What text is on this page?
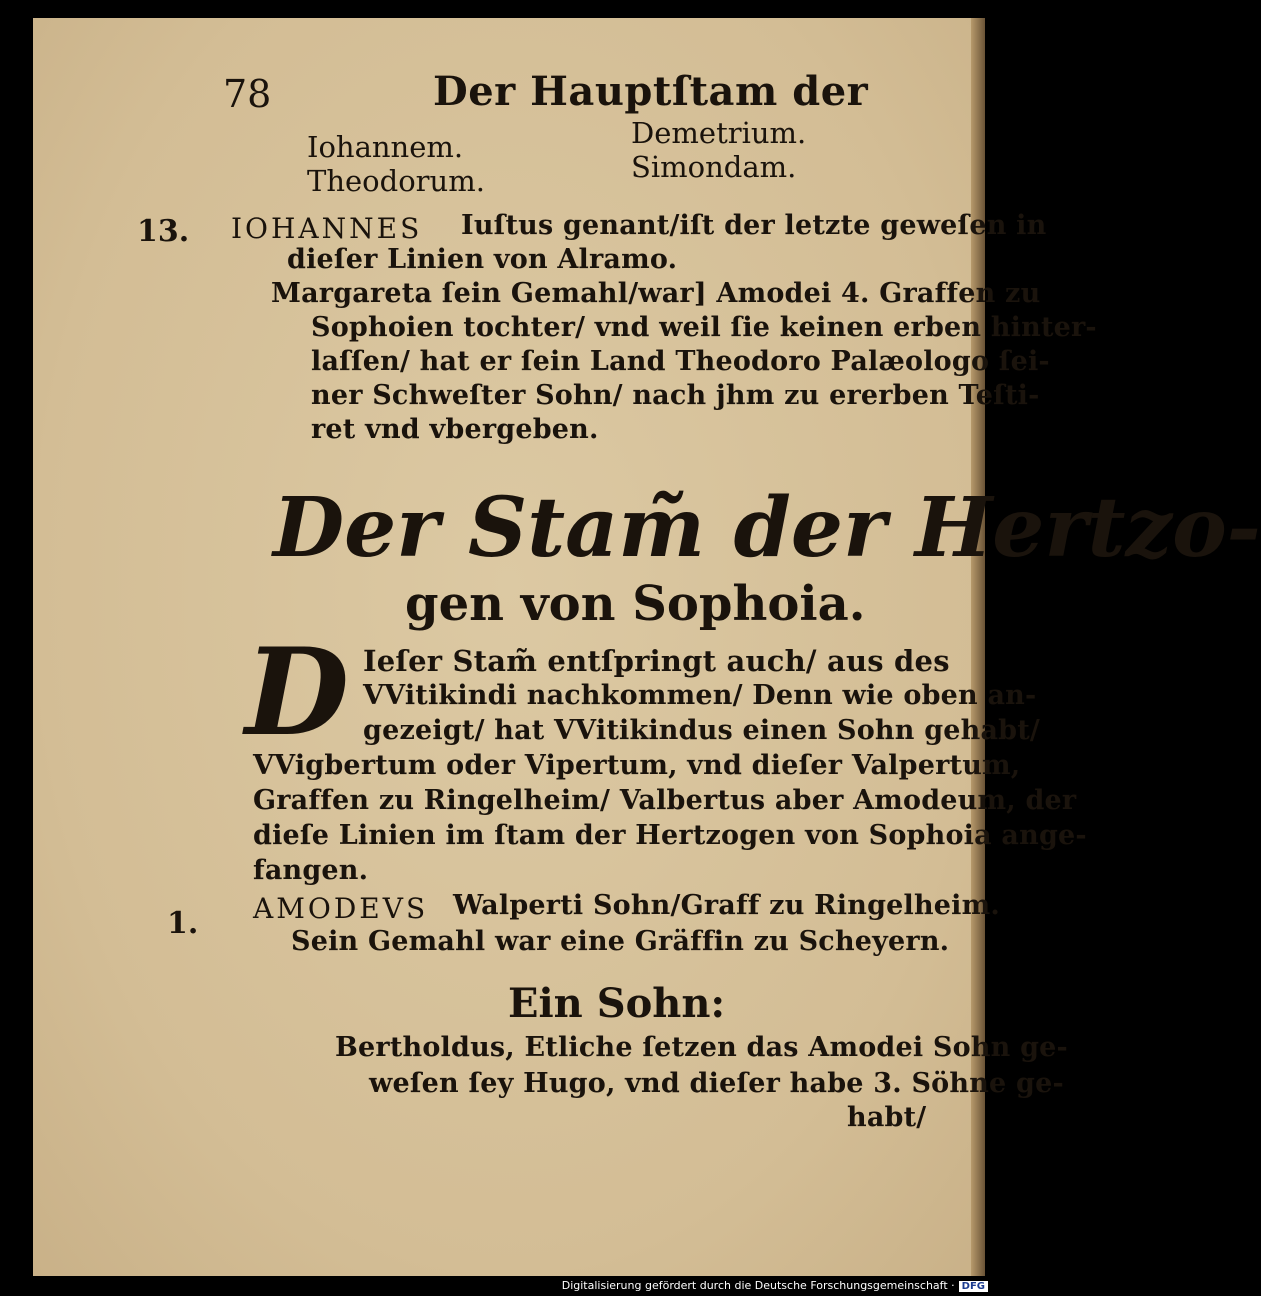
78	Der Hauptſtam der
Iohannem.
Theodorum.
Demetrium.
Simondam.
13. IOHANNES Iuſtus genant/iſt der letzte geweſen in
dieſer Linien von Alramo.
Margareta ſein Gemahl/war] Amodei 4. Graffen zu
Sophoien tochter/ vnd weil ſie keinen erben hinter-
laſſen/ hat er ſein Land Theodoro Palæologo ſei-
ner Schweſter Sohn/ nach jhm zu ererben Teſti-
ret vnd vbergeben.
Der Stam̃ der Hertzo-
gen von Sophoia.
D Ieſer Stam̃ entſpringt auch/ aus des
VVitikindi nachkommen/ Denn wie oben an-
gezeigt/ hat VVitikindus einen Sohn gehabt/
VVigbertum oder Vipertum, vnd dieſer Valpertum,
Graffen zu Ringelheim/ Valbertus aber Amodeum, der
dieſe Linien im ſtam der Hertzogen von Sophoia ange-
fangen.
1. AMODEVS Walperti Sohn/Graff zu Ringelheim.
Sein Gemahl war eine Gräffin zu Scheyern.
Ein Sohn:
Bertholdus, Etliche ſetzen das Amodei Sohn ge-
weſen ſey Hugo, vnd dieſer habe 3. Söhne ge-
habt/
Digitalisierung gefördert durch die Deutsche Forschungsgemeinschaft · DFG
